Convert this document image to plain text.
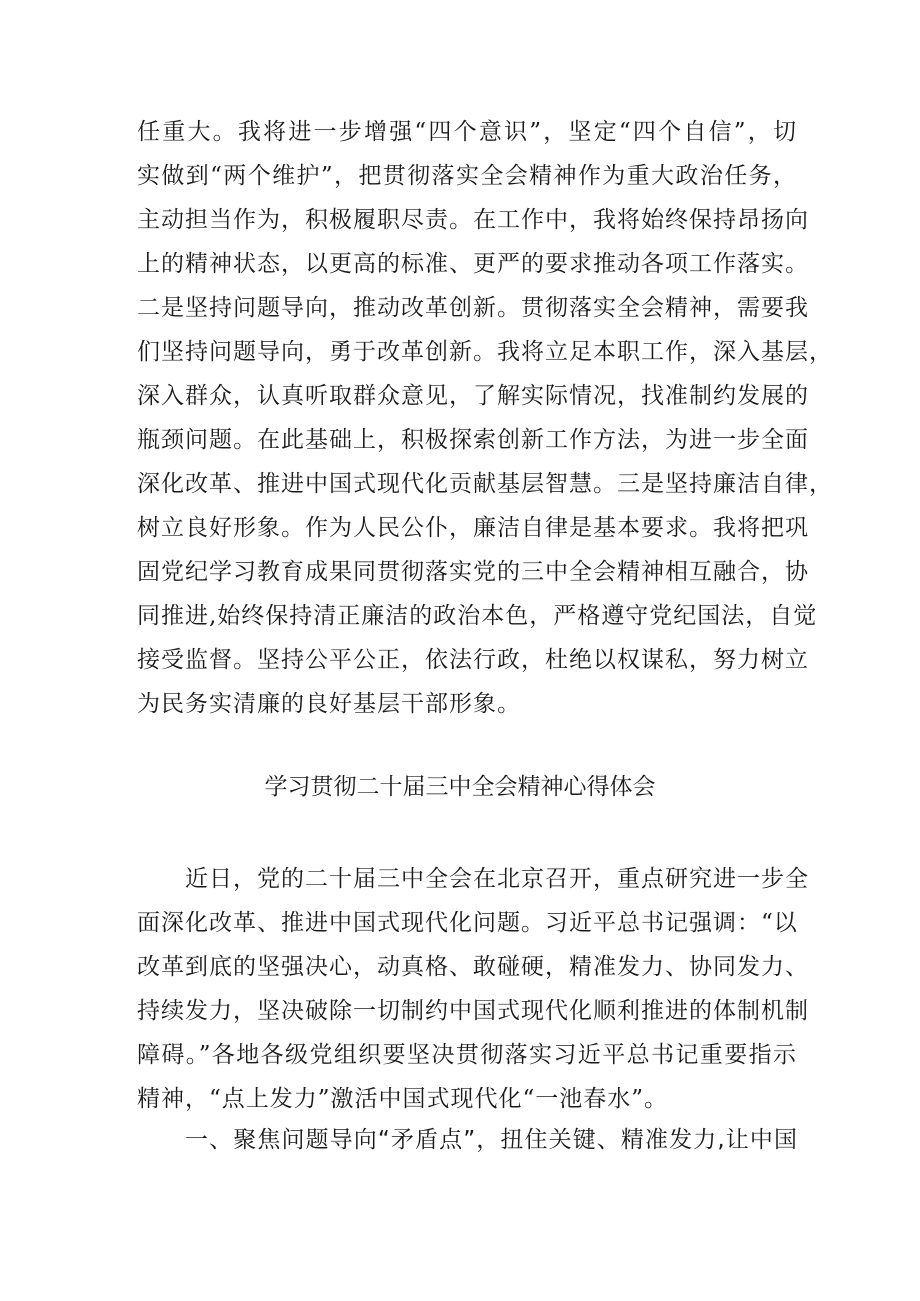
任重大。我将进一步增强“四个意识”，坚定“四个自信”，切
实做到“两个维护”，把贯彻落实全会精神作为重大政治任务，
主动担当作为，积极履职尽责。在工作中，我将始终保持昂扬向
上的精神状态，以更高的标准、更严的要求推动各项工作落实。
二是坚持问题导向，推动改革创新。贯彻落实全会精神，需要我
们坚持问题导向，勇于改革创新。我将立足本职工作，深入基层，
深入群众，认真听取群众意见，了解实际情况，找准制约发展的
瓶颈问题。在此基础上，积极探索创新工作方法，为进一步全面
深化改革、推进中国式现代化贡献基层智慧。三是坚持廉洁自律，
树立良好形象。作为人民公仆，廉洁自律是基本要求。我将把巩
固党纪学习教育成果同贯彻落实党的三中全会精神相互融合，协
同推进,始终保持清正廉洁的政治本色，严格遵守党纪国法，自觉
接受监督。坚持公平公正，依法行政，杜绝以权谋私，努力树立
为民务实清廉的良好基层干部形象。
学习贯彻二十届三中全会精神心得体会
近日，党的二十届三中全会在北京召开，重点研究进一步全
面深化改革、推进中国式现代化问题。习近平总书记强调：“以
改革到底的坚强决心，动真格、敢碰硬，精准发力、协同发力、
持续发力，坚决破除一切制约中国式现代化顺利推进的体制机制
障碍。”各地各级党组织要坚决贯彻落实习近平总书记重要指示
精神，“点上发力”激活中国式现代化“一池春水”。
一、聚焦问题导向“矛盾点”，扭住关键、精准发力,让中国
